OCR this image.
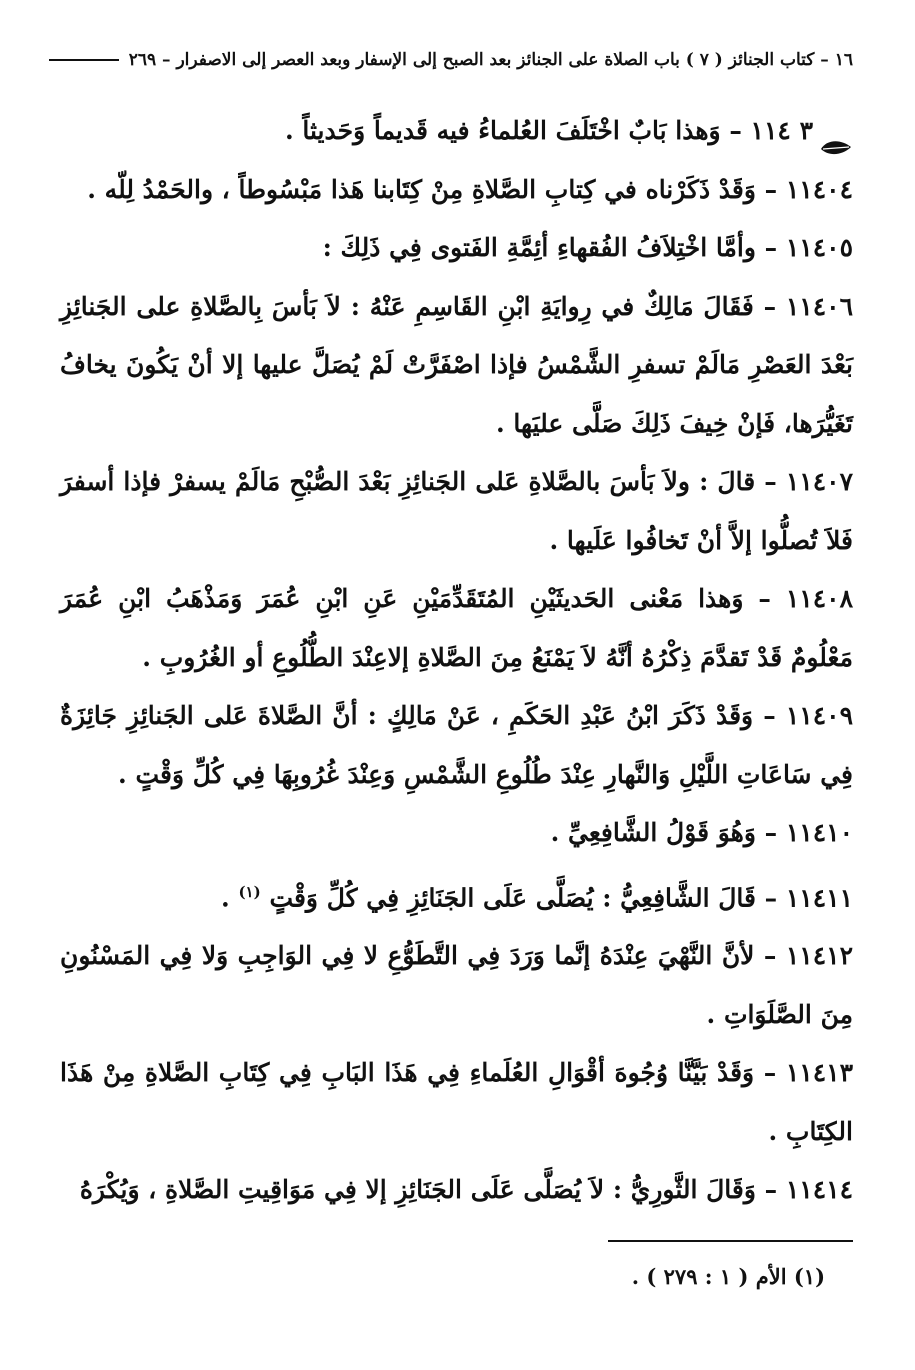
١٦ – كتاب الجنائز ( ٧ ) باب الصلاة على الجنائز بعد الصبح إلى الإسفار وبعد العصر إلى الاصفرار – ٢٦٩

٣ ١١٤ – وَهذا بَابٌ اخْتَلَفَ العُلماءُ فيه قَديماً وَحَديثاً .

١١٤٠٤ – وَقَدْ ذَكَرْناه في كِتابِ الصَّلاةِ مِنْ كِتَابنا هَذا مَبْسُوطاً ، والحَمْدُ لِلّه .

١١٤٠٥ – وأمَّا اخْتِلاَفُ الفُقهاءِ أئِمَّةِ الفَتوى فِي ذَلِكَ :

١١٤٠٦ – فَقَالَ مَالِكٌ في رِوايَةِ ابْنِ القَاسِمِ عَنْهُ : لاَ بَأسَ بِالصَّلاةِ على الجَنائِزِ بَعْدَ العَصْرِ مَالَمْ تسفرِ الشَّمْسُ فإذا اصْفَرَّتْ لَمْ يُصَلَّ عليها إلا أنْ يَكُونَ يخافُ تَغَيُّرَها، فَإنْ خِيفَ ذَلِكَ صَلَّى عليَها .

١١٤٠٧ – قالَ : ولاَ بَأسَ بالصَّلاةِ عَلى الجَنائِزِ بَعْدَ الصُّبْحِ مَالَمْ يسفرْ فإذا أسفرَ فَلاَ تُصلُّوا إلاَّ أنْ تَخافُوا عَلَيها .

١١٤٠٨ – وَهذا مَعْنى الحَديثَيْنِ المُتَقَدِّمَيْنِ عَنِ ابْنِ عُمَرَ وَمَذْهَبُ ابْنِ عُمَرَ مَعْلُومٌ قَدْ تَقدَّمَ ذِكْرُهُ أنَّهُ لاَ يَمْنَعُ مِنَ الصَّلاةِ إلاعِنْدَ الطُّلُوعِ أو الغُرُوبِ .

١١٤٠٩ – وَقَدْ ذَكَرَ ابْنُ عَبْدِ الحَكَمِ ، عَنْ مَالِكٍ : أنَّ الصَّلاةَ عَلى الجَنائِزِ جَائِزَةٌ فِي سَاعَاتِ اللَّيْلِ وَالنَّهارِ عِنْدَ طُلُوعِ الشَّمْسِ وَعِنْدَ غُرُوبِهَا فِي كُلِّ وَقْتٍ .

١١٤١٠ – وَهُوَ قَوْلُ الشَّافِعِيِّ .

١١٤١١ – قَالَ الشَّافِعِيُّ : يُصَلَّى عَلَى الجَنَائِزِ فِي كُلِّ وَقْتٍ $^{(١)}$ .

١١٤١٢ – لأنَّ النَّهْيَ عِنْدَهُ إنَّما وَرَدَ فِي التَّطَوُّعِ لا فِي الوَاجِبِ وَلا فِي المَسْنُونِ مِنَ الصَّلَوَاتِ .

١١٤١٣ – وَقَدْ بَيَّنَّا وُجُوهَ أقْوَالِ العُلَماءِ فِي هَذَا البَابِ فِي كِتَابِ الصَّلاةِ مِنْ هَذَا الكِتَابِ .

١١٤١٤ – وَقَالَ الثَّورِيُّ : لاَ يُصَلَّى عَلَى الجَنَائِزِ إلا فِي مَوَاقِيتِ الصَّلاةِ ، وَيُكْرَهُ

(١) الأم ( ١ : ٢٧٩ ) .
